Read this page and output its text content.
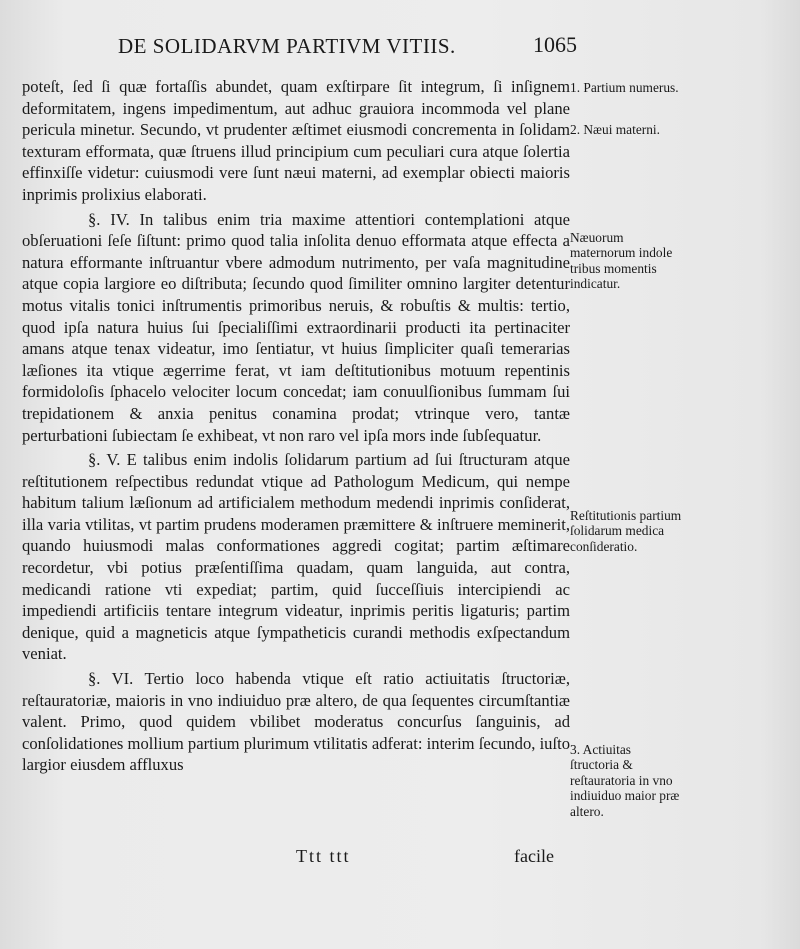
DE SOLIDARVM PARTIVM VITIIS.	1065

poteſt, ſed ſi quæ fortaſſis abundet, quam exſtirpare ſit integrum, ſi inſignem deformitatem, ingens impedimentum, aut adhuc grauiora incommoda vel plane pericula minetur. Secundo, vt prudenter æſtimet eiusmodi concrementa in ſolidam texturam efformata, quæ ſtruens illud principium cum peculiari cura atque ſolertia effinxiſſe videtur: cuiusmodi vere ſunt næui materni, ad exemplar obiecti maioris inprimis prolixius elaborati.

§. IV. In talibus enim tria maxime attentiori contemplationi atque obſeruationi ſeſe ſiſtunt: primo quod talia inſolita denuo efformata atque effecta a natura efformante inſtruantur vbere admodum nutrimento, per vaſa magnitudine atque copia largiore eo diſtributa; ſecundo quod ſimiliter omnino largiter detentur motus vitalis tonici inſtrumentis primoribus neruis, & robuſtis & multis: tertio, quod ipſa natura huius ſui ſpecialiſſimi extraordinarii producti ita pertinaciter amans atque tenax videatur, imo ſentiatur, vt huius ſimpliciter quaſi temerarias læſiones ita vtique ægerrime ferat, vt iam deſtitutionibus motuum repentinis formidoloſis ſphacelo velociter locum concedat; iam conuulſionibus ſummam ſui trepidationem & anxia penitus conamina prodat; vtrinque vero, tantæ perturbationi ſubiectam ſe exhibeat, vt non raro vel ipſa mors inde ſubſequatur.

§. V. E talibus enim indolis ſolidarum partium ad ſui ſtructuram atque reſtitutionem reſpectibus redundat vtique ad Pathologum Medicum, qui nempe habitum talium læſionum ad artificialem methodum medendi inprimis conſiderat, illa varia vtilitas, vt partim prudens moderamen præmittere & inſtruere meminerit, quando huiusmodi malas conformationes aggredi cogitat; partim æſtimare recordetur, vbi potius præſentiſſima quadam, quam languida, aut contra, medicandi ratione vti expediat; partim, quid ſucceſſiuis intercipiendi ac impediendi artificiis tentare integrum videatur, inprimis peritis ligaturis; partim denique, quid a magneticis atque ſympatheticis curandi methodis exſpectandum veniat.

§. VI. Tertio loco habenda vtique eſt ratio actiuitatis ſtructoriæ, reſtauratoriæ, maioris in vno indiuiduo præ altero, de qua ſequentes circumſtantiæ valent. Primo, quod quidem vbilibet moderatus concurſus ſanguinis, ad conſolidationes mollium partium plurimum vtilitatis adferat: interim ſecundo, iuſto largior eiusdem affluxus

1. Partium numerus.
2. Næui materni.
Næuorum maternorum indole tribus momentis indicatur.
Reſtitutionis partium ſolidarum medica conſideratio.
3. Actiuitas ſtructoria & reſtauratoria in vno indiuiduo maior præ altero.
Ttt ttt	facile
